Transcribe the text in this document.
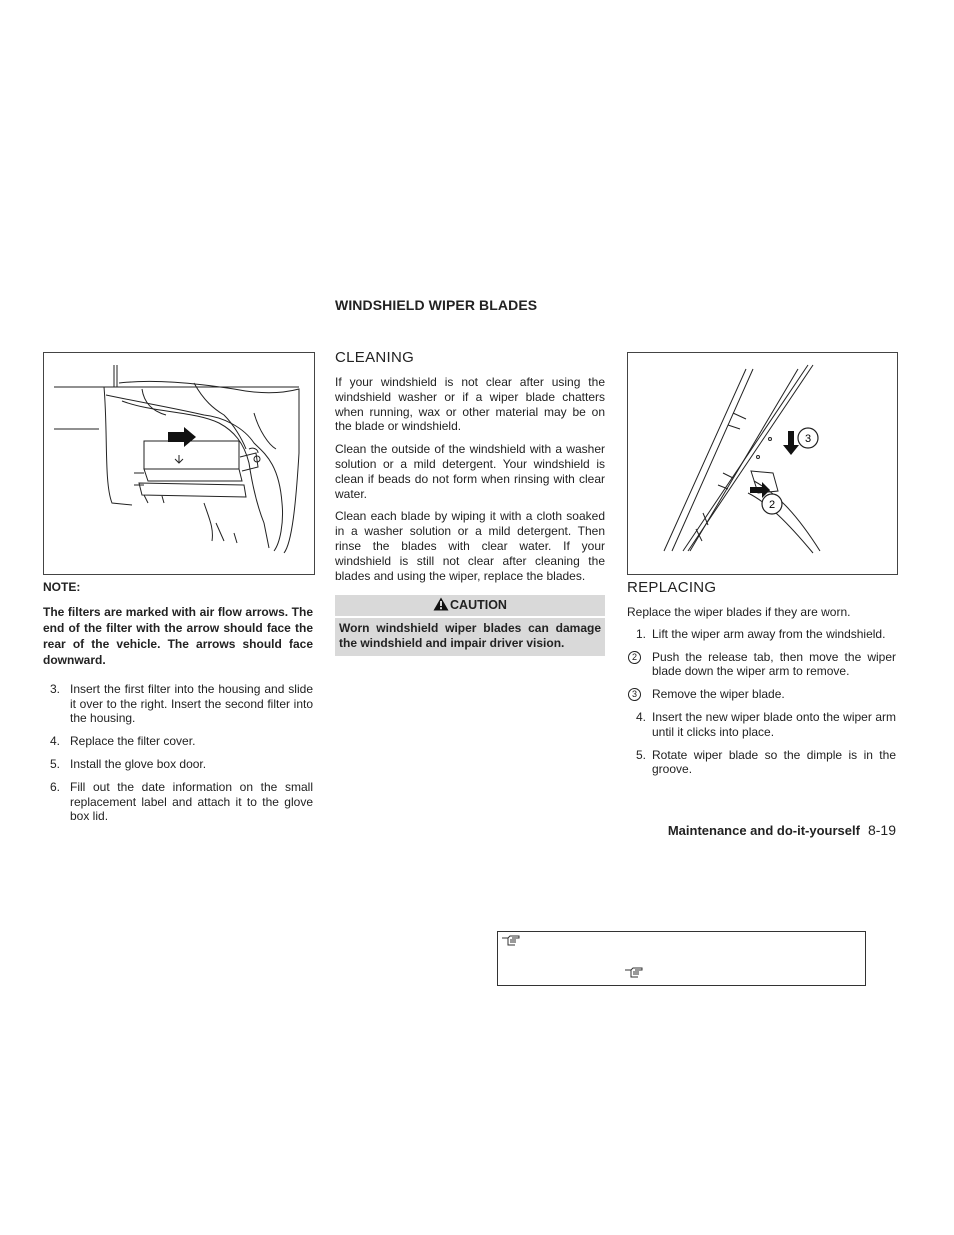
WINDSHIELD WIPER BLADES
NOTE:
The filters are marked with air flow arrows. The end of the filter with the arrow should face the rear of the vehicle. The arrows should face downward.
3. Insert the first filter into the housing and slide it over to the right. Insert the second filter into the housing.
4. Replace the filter cover.
5. Install the glove box door.
6. Fill out the date information on the small replacement label and attach it to the glove box lid.
CLEANING

If your windshield is not clear after using the windshield washer or if a wiper blade chatters when running, wax or other material may be on the blade or windshield.

Clean the outside of the windshield with a washer solution or a mild detergent. Your windshield is clean if beads do not form when rinsing with clear water.

Clean each blade by wiping it with a cloth soaked in a washer solution or a mild detergent. Then rinse the blades with clear water. If your windshield is still not clear after cleaning the blades and using the wiper, replace the blades.

CAUTION
Worn windshield wiper blades can damage the windshield and impair driver vision.
3
2
REPLACING

Replace the wiper blades if they are worn.

1. Lift the wiper arm away from the windshield.
2	Push the release tab, then move the wiper blade down the wiper arm to remove.
3	Remove the wiper blade.
4. Insert the new wiper blade onto the wiper arm until it clicks into place.
5. Rotate wiper blade so the dimple is in the groove.
Maintenance and do-it-yourself 8-19
